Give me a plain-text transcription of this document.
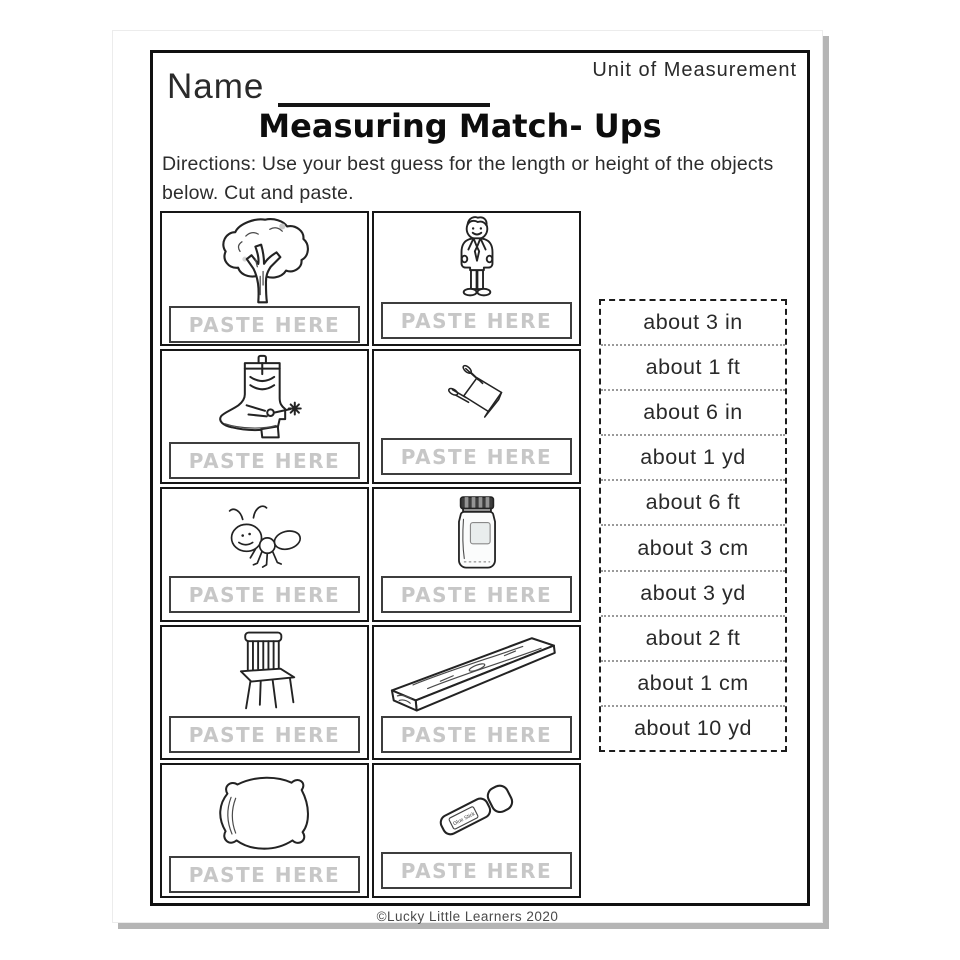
Name	Unit of Measurement
Measuring Match- Ups
Directions: Use your best guess for the length or height of the objects
below. Cut and paste.
PASTE HERE	PASTE HERE
PASTE HERE	PASTE HERE
PASTE HERE	PASTE HERE
PASTE HERE	PASTE HERE
PASTE HERE
Glue Stick
PASTE HERE
about 3 in
about 1 ft
about 6 in
about 1 yd
about 6 ft
about 3 cm
about 3 yd
about 2 ft
about 1 cm
about 10 yd
©Lucky Little Learners 2020
